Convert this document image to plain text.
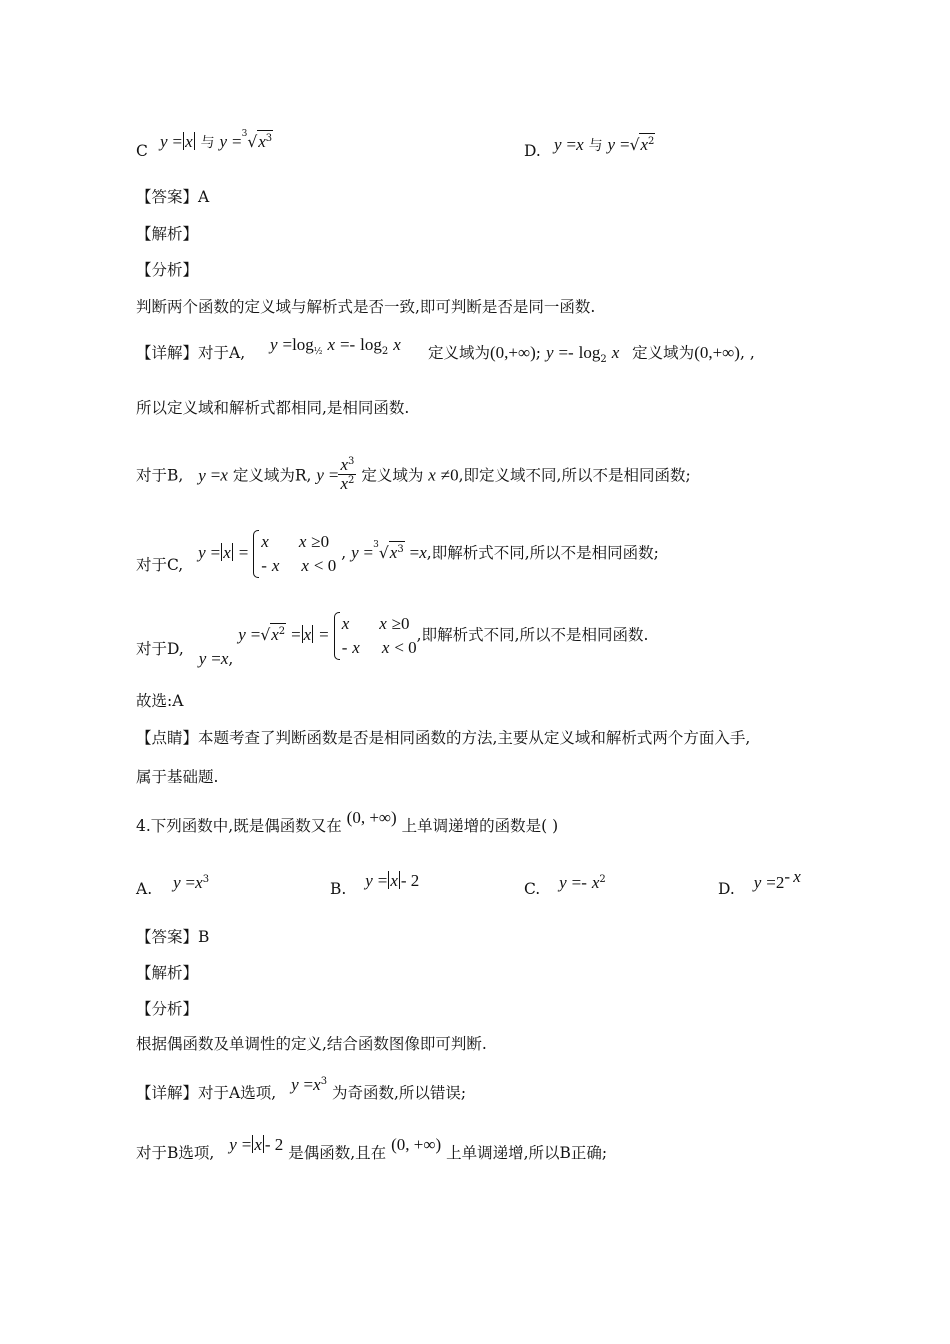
C y = x 与 $y =^3√x^3$
D. y =x 与 $y =√x^2$
【答案】A
【解析】
【分析】
判断两个函数的定义域与解析式是否一致,即可判断是否是同一函数.
【详解】对于A, $y =\log_{\frac{1}{2}}$ $x =- \log_2 x$ 定义域为(0,+∞); $y =- \log_2 x$ 定义域为(0,+∞), ,
所以定义域和解析式都相同,是相同函数.
对于B, y =x 定义域为R, $y = \frac{x^3}{x^2}$ 定义域为 x ≠0,即定义域不同,所以不是相同函数;
对于C, y = x =
x x ≥0
- x x < 0
, $y =^3√x^3 =x$,即解析式不同,所以不是相同函数;
对于D, y =x, $y =√x^2 = x$ =
x x ≥0
- x x < 0
,即解析式不同,所以不是相同函数.
故选:A
【点睛】本题考查了判断函数是否是相同函数的方法,主要从定义域和解析式两个方面入手,
属于基础题.
4.下列函数中,既是偶函数又在 (0, +∞) 上单调递增的函数是( )
A. $y =x^3$
B. y = x - 2	C. $y =- x^2$
D. $y =2^{- x}$
【答案】B
【解析】
【分析】
根据偶函数及单调性的定义,结合函数图像即可判断.
【详解】对于A选项, $y =x^3$ 为奇函数,所以错误;
对于B选项, y = x - 2 是偶函数,且在 (0, +∞) 上单调递增,所以B正确;
